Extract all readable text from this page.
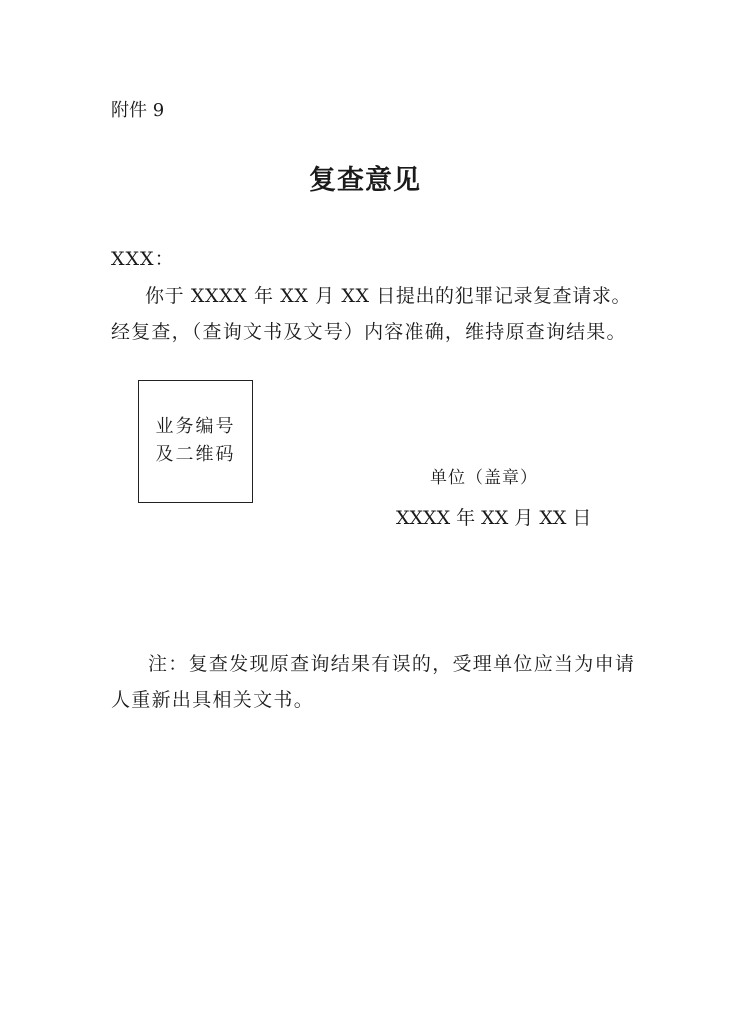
附件 9
复查意见
XXX：
你于 XXXX 年 XX 月 XX 日提出的犯罪记录复查请求。
经复查，（查询文书及文号）内容准确，维持原查询结果。
业务编号
及二维码
单位（盖章）
XXXX 年 XX 月 XX 日
注：复查发现原查询结果有误的，受理单位应当为申请
人重新出具相关文书。
